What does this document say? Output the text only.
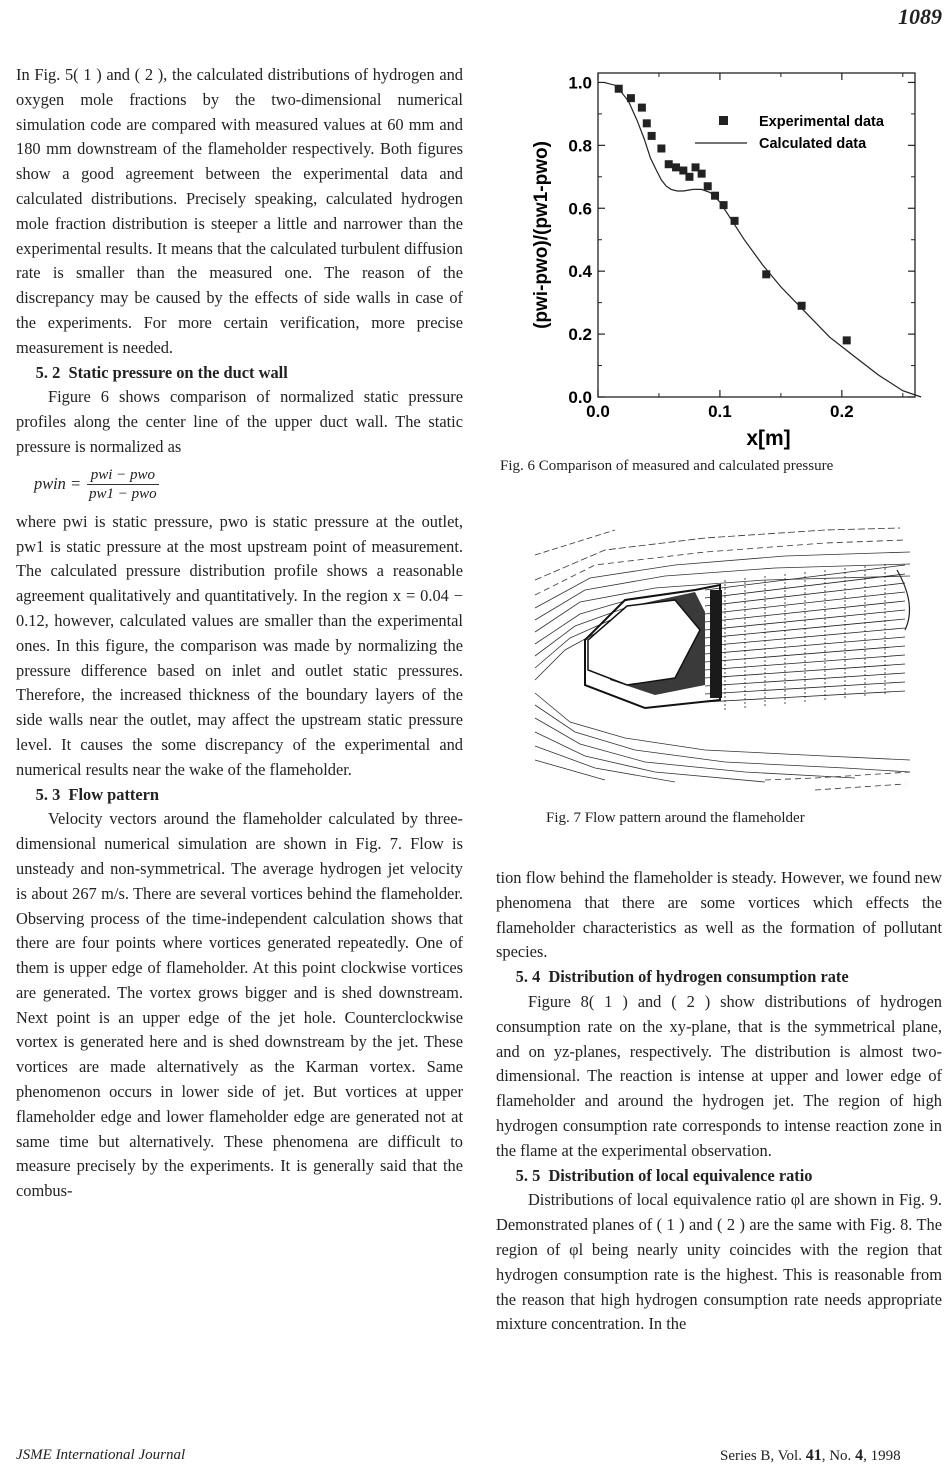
1089

In Fig. 5( 1 ) and ( 2 ), the calculated distributions of hydrogen and oxygen mole fractions by the two-dimensional numerical simulation code are compared with measured values at 60 mm and 180 mm downstream of the flameholder respectively. Both figures show a good agreement between the experimental data and calculated distributions. Precisely speaking, calculated hydrogen mole fraction distribution is steeper a little and narrower than the experimental results. It means that the calculated turbulent diffusion rate is smaller than the measured one. The reason of the discrepancy may be caused by the effects of side walls in case of the experiments. For more certain verification, more precise measurement is needed.

5. 2 Static pressure on the duct wall

Figure 6 shows comparison of normalized static pressure profiles along the center line of the upper duct wall. The static pressure is normalized as

pwin = $\frac{\text{pwi − pwo}}{\text{pw1 − pwo}}$

where pwi is static pressure, pwo is static pressure at the outlet, pw1 is static pressure at the most upstream point of measurement. The calculated pressure distribution profile shows a reasonable agreement qualitatively and quantitatively. In the region x = 0.04 − 0.12, however, calculated values are smaller than the experimental ones. In this figure, the comparison was made by normalizing the pressure difference based on inlet and outlet static pressures. Therefore, the increased thickness of the boundary layers of the side walls near the outlet, may affect the upstream static pressure level. It causes the some discrepancy of the experimental and numerical results near the wake of the flameholder.

5. 3 Flow pattern

Velocity vectors around the flameholder calculated by three-dimensional numerical simulation are shown in Fig. 7. Flow is unsteady and non-symmetrical. The average hydrogen jet velocity is about 267 m/s. There are several vortices behind the flameholder. Observing process of the time-independent calculation shows that there are four points where vortices generated repeatedly. One of them is upper edge of flameholder. At this point clockwise vortices are generated. The vortex grows bigger and is shed downstream. Next point is an upper edge of the jet hole. Counterclockwise vortex is generated here and is shed downstream by the jet. These vortices are made alternatively as the Karman vortex. Same phenomenon occurs in lower side of jet. But vortices at upper flameholder edge and lower flameholder edge are generated not at same time but alternatively. These phenomena are difficult to measure precisely by the experiments. It is generally said that the combus-

0.0
0.2
0.4
0.6
0.8
1.0
0.0	0.1	0.2
x[m]
(pwi-pwo)/(pw1-pwo)
Experimental data
Calculated data
Fig. 6 Comparison of measured and calculated pressure
Fig. 7 Flow pattern around the flameholder

tion flow behind the flameholder is steady. However, we found new phenomena that there are some vortices which effects the flameholder characteristics as well as the formation of pollutant species.

5. 4 Distribution of hydrogen consumption rate

Figure 8( 1 ) and ( 2 ) show distributions of hydrogen consumption rate on the xy-plane, that is the symmetrical plane, and on yz-planes, respectively. The distribution is almost two-dimensional. The reaction is intense at upper and lower edge of flameholder and around the hydrogen jet. The region of high hydrogen consumption rate corresponds to intense reaction zone in the flame at the experimental observation.

5. 5 Distribution of local equivalence ratio

Distributions of local equivalence ratio φl are shown in Fig. 9. Demonstrated planes of ( 1 ) and ( 2 ) are the same with Fig. 8. The region of φl being nearly unity coincides with the region that hydrogen consumption rate is the highest. This is reasonable from the reason that high hydrogen consumption rate needs appropriate mixture concentration. In the

JSME International Journal	Series B, Vol. 41, No. 4, 1998
